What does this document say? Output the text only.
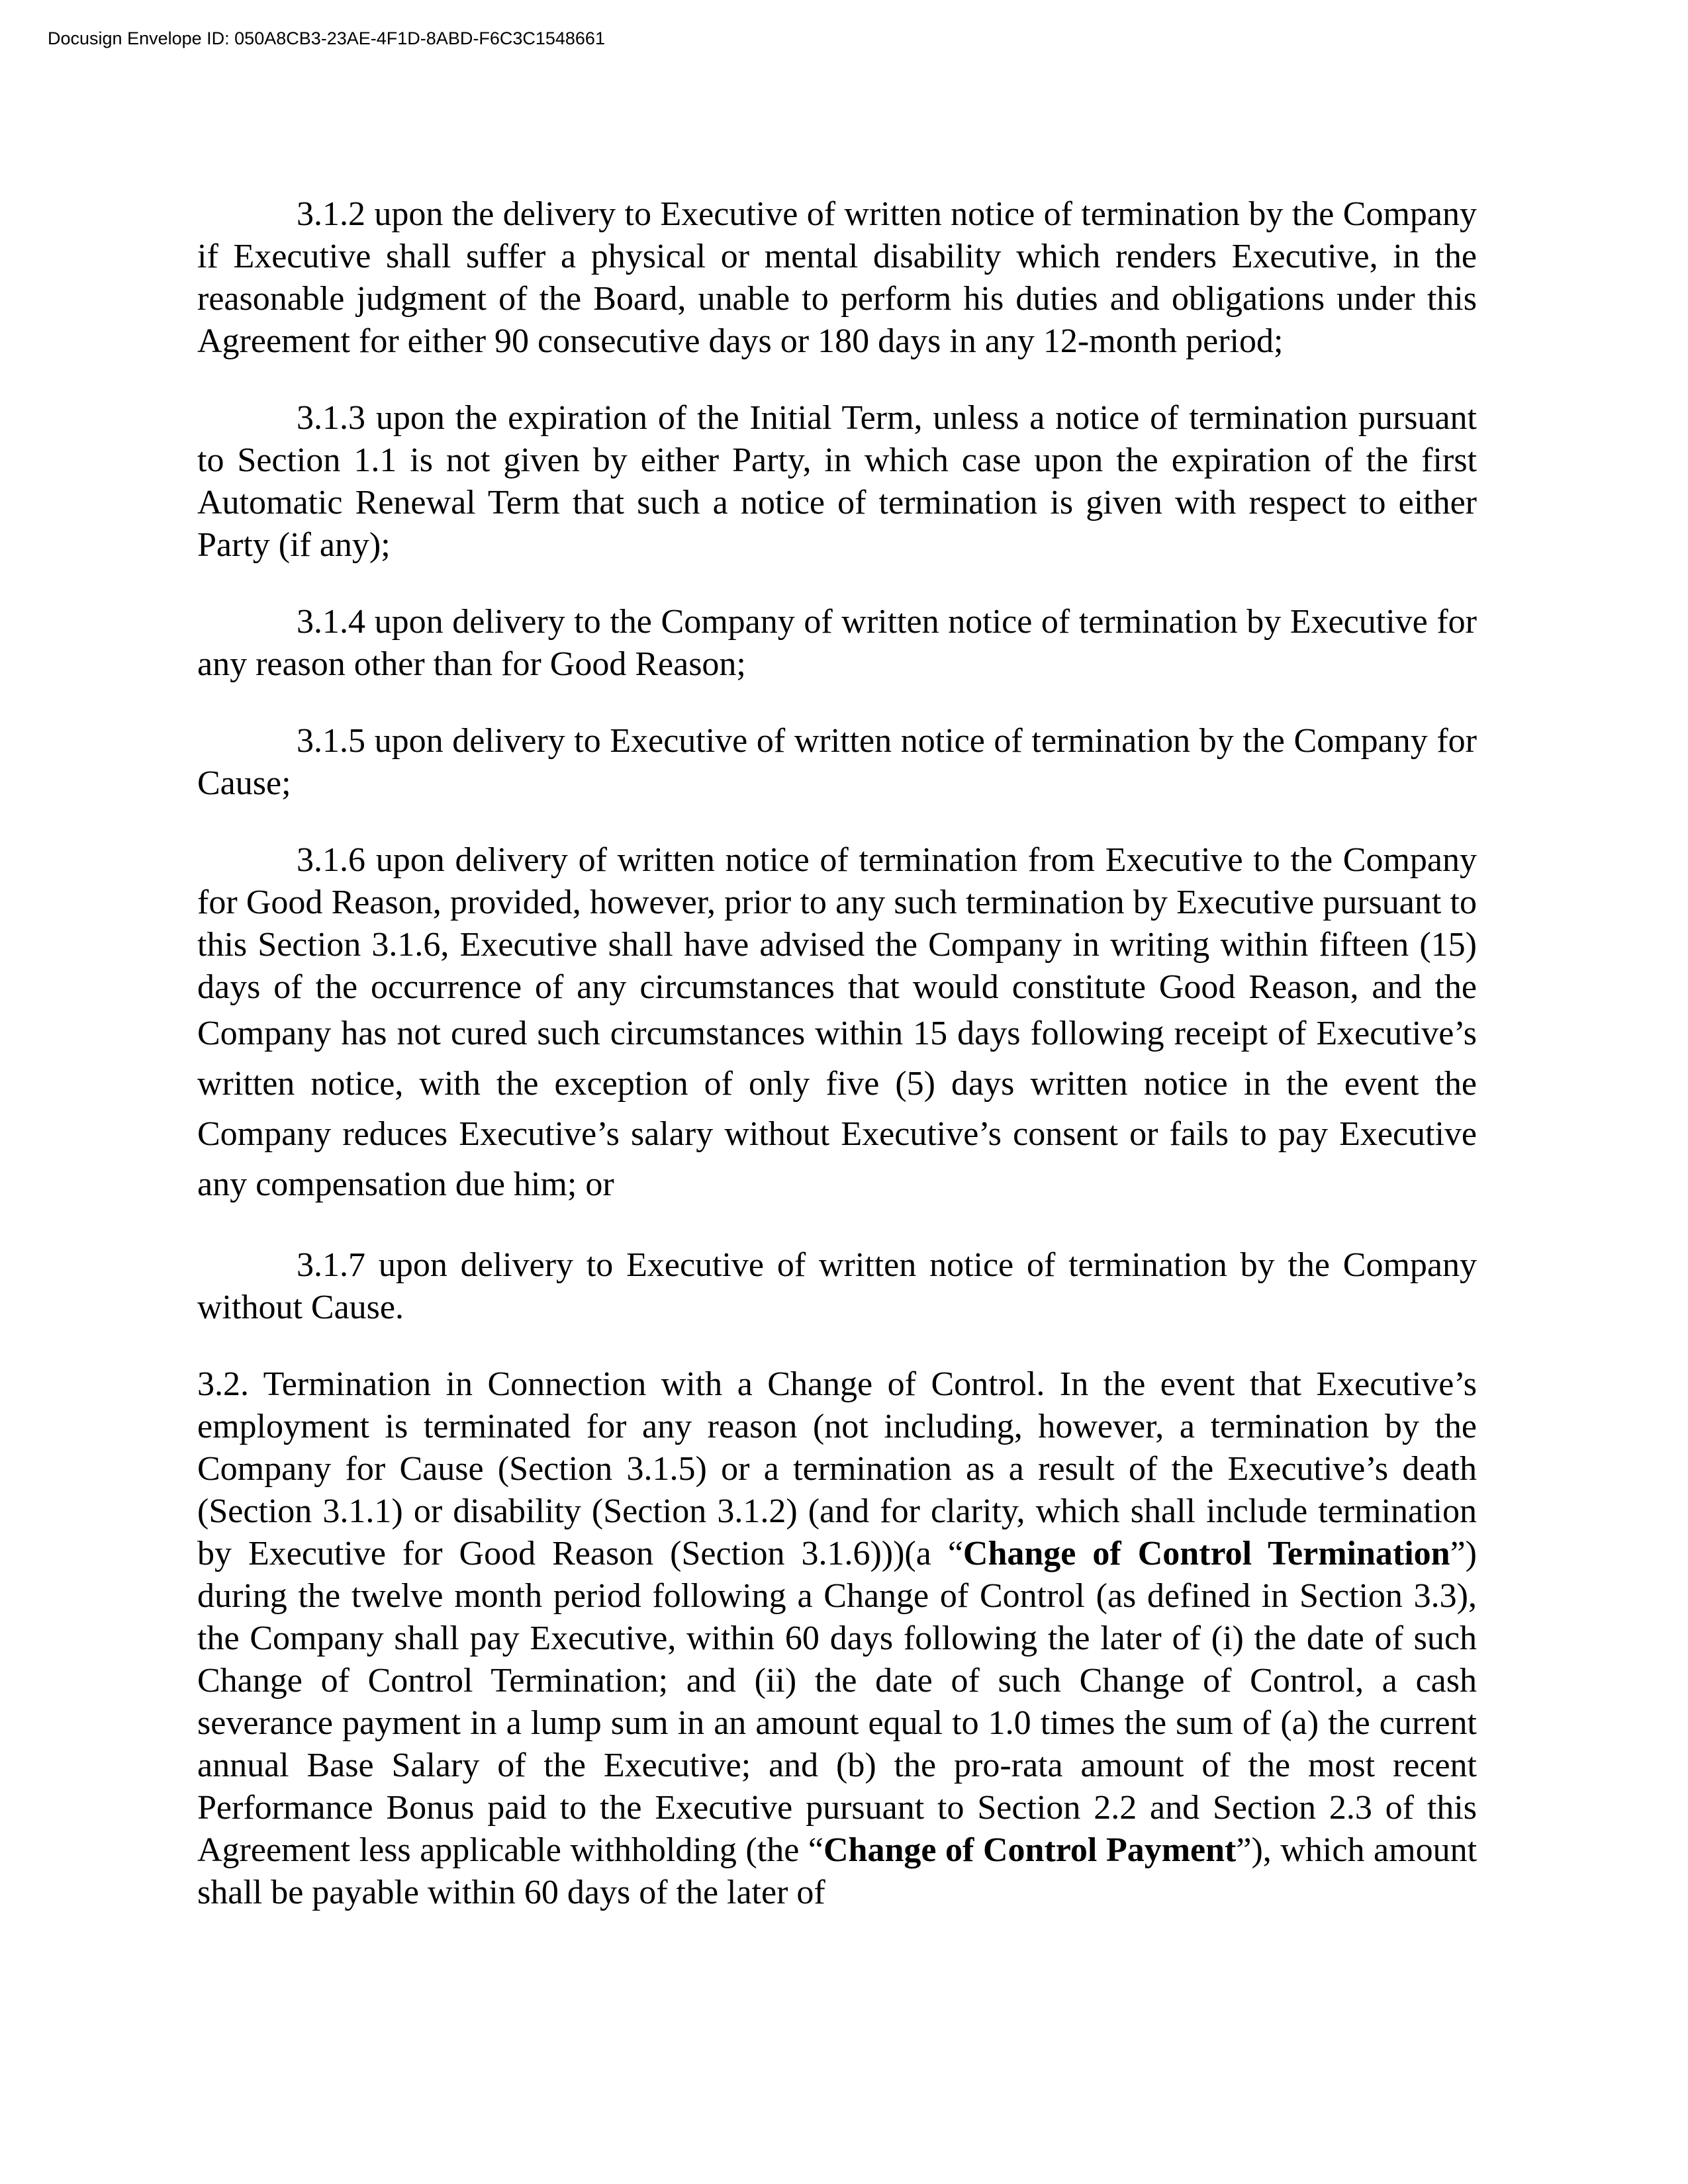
Docusign Envelope ID: 050A8CB3-23AE-4F1D-8ABD-F6C3C1548661

3.1.2 upon the delivery to Executive of written notice of termination by the Company if Executive shall suffer a physical or mental disability which renders Executive, in the reasonable judgment of the Board, unable to perform his duties and obligations under this Agreement for either 90 consecutive days or 180 days in any 12-month period;

3.1.3 upon the expiration of the Initial Term, unless a notice of termination pursuant to Section 1.1 is not given by either Party, in which case upon the expiration of the first Automatic Renewal Term that such a notice of termination is given with respect to either Party (if any);

3.1.4 upon delivery to the Company of written notice of termination by Executive for any reason other than for Good Reason;

3.1.5 upon delivery to Executive of written notice of termination by the Company for Cause;

3.1.6 upon delivery of written notice of termination from Executive to the Company for Good Reason, provided, however, prior to any such termination by Executive pursuant to this Section 3.1.6, Executive shall have advised the Company in writing within fifteen (15) days of the occurrence of any circumstances that would constitute Good Reason, and the Company has not cured such circumstances within 15 days following receipt of Executive’s written notice, with the exception of only five (5) days written notice in the event the Company reduces Executive’s salary without Executive’s consent or fails to pay Executive any compensation due him; or

3.1.7 upon delivery to Executive of written notice of termination by the Company without Cause.

3.2. Termination in Connection with a Change of Control. In the event that Executive’s employment is terminated for any reason (not including, however, a termination by the Company for Cause (Section 3.1.5) or a termination as a result of the Executive’s death (Section 3.1.1) or disability (Section 3.1.2) (and for clarity, which shall include termination by Executive for Good Reason (Section 3.1.6)))(a “Change of Control Termination”) during the twelve month period following a Change of Control (as defined in Section 3.3), the Company shall pay Executive, within 60 days following the later of (i) the date of such Change of Control Termination; and (ii) the date of such Change of Control, a cash severance payment in a lump sum in an amount equal to 1.0 times the sum of (a) the current annual Base Salary of the Executive; and (b) the pro-rata amount of the most recent Performance Bonus paid to the Executive pursuant to Section 2.2 and Section 2.3 of this Agreement less applicable withholding (the “Change of Control Payment”), which amount shall be payable within 60 days of the later of
